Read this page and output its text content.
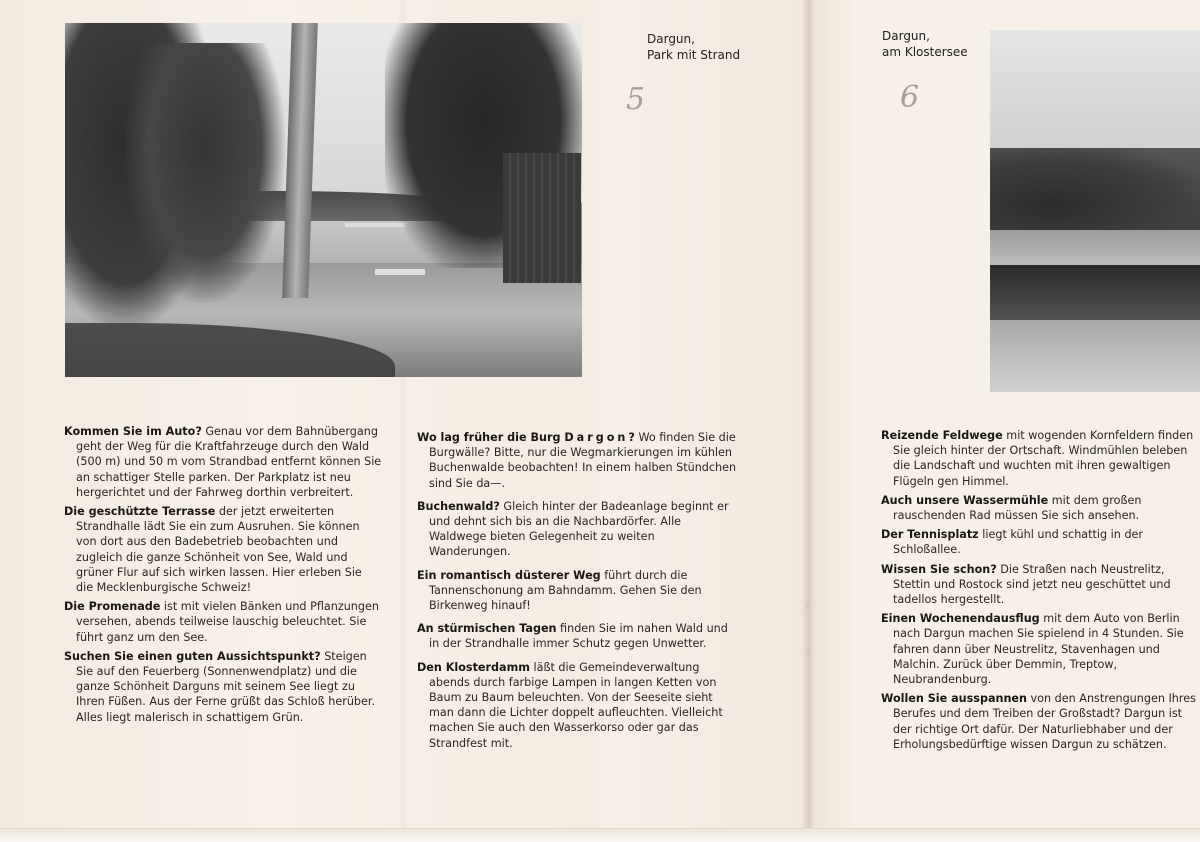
Dargun,
Park mit Strand
Dargun,
am Klostersee
5	6

Kommen Sie im Auto? Genau vor dem Bahnübergang geht der Weg für die Kraftfahrzeuge durch den Wald (500 m) und 50 m vom Strandbad entfernt können Sie an schattiger Stelle parken. Der Parkplatz ist neu hergerichtet und der Fahrweg dorthin verbreitert.

Die geschützte Terrasse der jetzt erweiterten Strandhalle lädt Sie ein zum Ausruhen. Sie können von dort aus den Badebetrieb beobachten und zugleich die ganze Schönheit von See, Wald und grüner Flur auf sich wirken lassen. Hier erleben Sie die Mecklenburgische Schweiz!

Die Promenade ist mit vielen Bänken und Pflanzungen versehen, abends teilweise lauschig beleuchtet. Sie führt ganz um den See.

Suchen Sie einen guten Aussichtspunkt? Steigen Sie auf den Feuerberg (Sonnenwendplatz) und die ganze Schönheit Darguns mit seinem See liegt zu Ihren Füßen. Aus der Ferne grüßt das Schloß herüber. Alles liegt malerisch in schattigem Grün.

Wo lag früher die Burg Dargon? Wo finden Sie die Burgwälle? Bitte, nur die Wegmarkierungen im kühlen Buchenwalde beobachten! In einem halben Stündchen sind Sie da—.

Buchenwald? Gleich hinter der Badeanlage beginnt er und dehnt sich bis an die Nachbardörfer. Alle Waldwege bieten Gelegenheit zu weiten Wanderungen.

Ein romantisch düsterer Weg führt durch die Tannenschonung am Bahndamm. Gehen Sie den Birkenweg hinauf!

An stürmischen Tagen finden Sie im nahen Wald und in der Strandhalle immer Schutz gegen Unwetter.

Den Klosterdamm läßt die Gemeindeverwaltung abends durch farbige Lampen in langen Ketten von Baum zu Baum beleuchten. Von der Seeseite sieht man dann die Lichter doppelt aufleuchten. Vielleicht machen Sie auch den Wasserkorso oder gar das Strandfest mit.

Reizende Feldwege mit wogenden Kornfeldern finden Sie gleich hinter der Ortschaft. Windmühlen beleben die Landschaft und wuchten mit ihren gewaltigen Flügeln gen Himmel.

Auch unsere Wassermühle mit dem großen rauschenden Rad müssen Sie sich ansehen.

Der Tennisplatz liegt kühl und schattig in der Schloßallee.

Wissen Sie schon? Die Straßen nach Neustrelitz, Stettin und Rostock sind jetzt neu geschüttet und tadellos hergestellt.

Einen Wochenendausflug mit dem Auto von Berlin nach Dargun machen Sie spielend in 4 Stunden. Sie fahren dann über Neustrelitz, Stavenhagen und Malchin. Zurück über Demmin, Treptow, Neubrandenburg.

Wollen Sie ausspannen von den Anstrengungen Ihres Berufes und dem Treiben der Großstadt? Dargun ist der richtige Ort dafür. Der Naturliebhaber und der Erholungsbedürftige wissen Dargun zu schätzen.
